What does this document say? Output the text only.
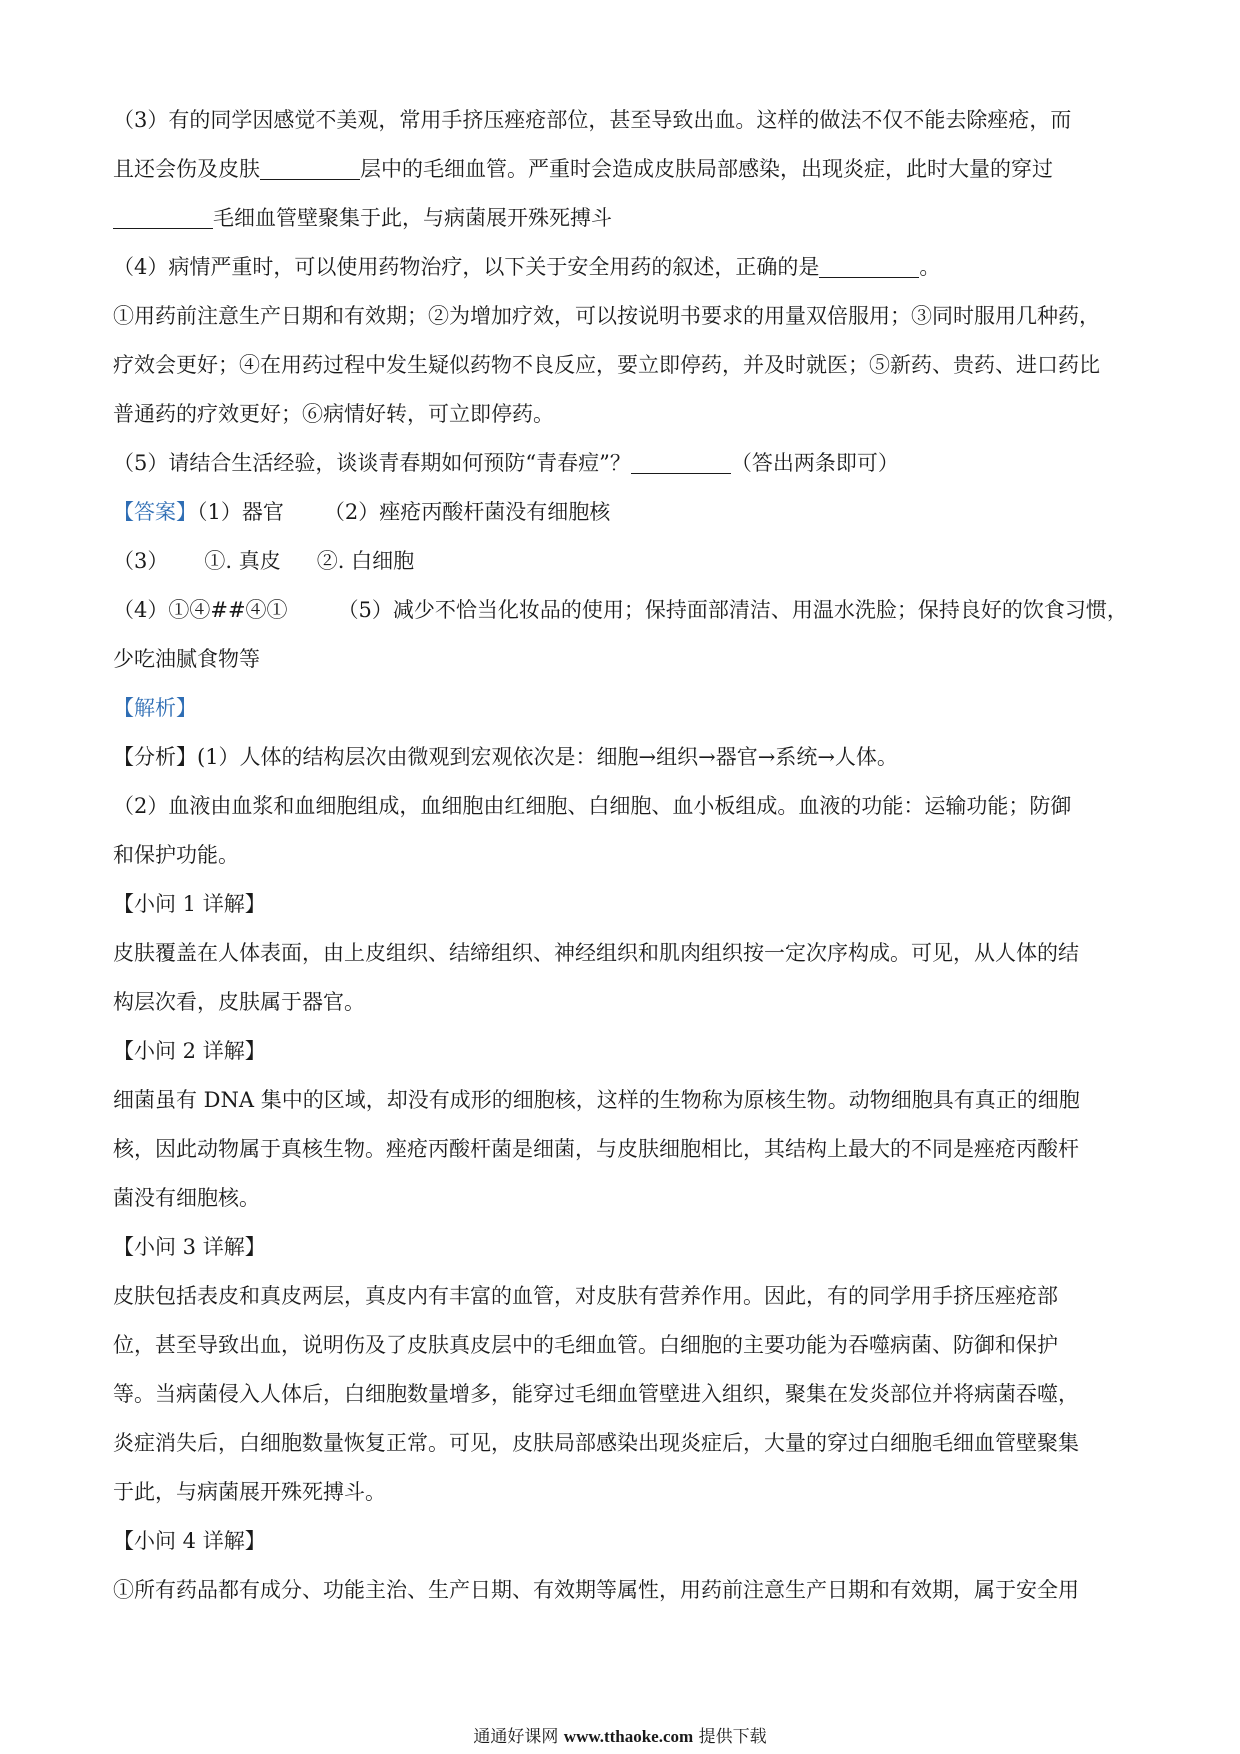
（3）有的同学因感觉不美观，常用手挤压痤疮部位，甚至导致出血。这样的做法不仅不能去除痤疮，而
且还会伤及皮肤	层中的毛细血管。严重时会造成皮肤局部感染，出现炎症，此时大量的穿过
毛细血管壁聚集于此，与病菌展开殊死搏斗
（4）病情严重时，可以使用药物治疗，以下关于安全用药的叙述，正确的是	。
①用药前注意生产日期和有效期；②为增加疗效，可以按说明书要求的用量双倍服用；③同时服用几种药，
疗效会更好；④在用药过程中发生疑似药物不良反应，要立即停药，并及时就医；⑤新药、贵药、进口药比
普通药的疗效更好；⑥病情好转，可立即停药。
（5）请结合生活经验，谈谈青春期如何预防“青春痘”？	（答出两条即可）
【答案】（1）器官 （2）痤疮丙酸杆菌没有细胞核
（3） ①. 真皮 ②. 白细胞
（4）①④##④① （5）减少不恰当化妆品的使用；保持面部清洁、用温水洗脸；保持良好的饮食习惯，
少吃油腻食物等
【解析】
【分析】(1）人体的结构层次由微观到宏观依次是：细胞→组织→器官→系统→人体。
（2）血液由血浆和血细胞组成，血细胞由红细胞、白细胞、血小板组成。血液的功能：运输功能；防御
和保护功能。
【小问 1 详解】
皮肤覆盖在人体表面，由上皮组织、结缔组织、神经组织和肌肉组织按一定次序构成。可见，从人体的结
构层次看，皮肤属于器官。
【小问 2 详解】
细菌虽有 DNA 集中的区域，却没有成形的细胞核，这样的生物称为原核生物。动物细胞具有真正的细胞
核，因此动物属于真核生物。痤疮丙酸杆菌是细菌，与皮肤细胞相比，其结构上最大的不同是痤疮丙酸杆
菌没有细胞核。
【小问 3 详解】
皮肤包括表皮和真皮两层，真皮内有丰富的血管，对皮肤有营养作用。因此，有的同学用手挤压痤疮部
位，甚至导致出血，说明伤及了皮肤真皮层中的毛细血管。白细胞的主要功能为吞噬病菌、防御和保护
等。当病菌侵入人体后，白细胞数量增多，能穿过毛细血管壁进入组织，聚集在发炎部位并将病菌吞噬，
炎症消失后，白细胞数量恢复正常。可见，皮肤局部感染出现炎症后，大量的穿过白细胞毛细血管壁聚集
于此，与病菌展开殊死搏斗。
【小问 4 详解】
①所有药品都有成分、功能主治、生产日期、有效期等属性，用药前注意生产日期和有效期，属于安全用
通通好课网 www.tthaoke.com 提供下载
